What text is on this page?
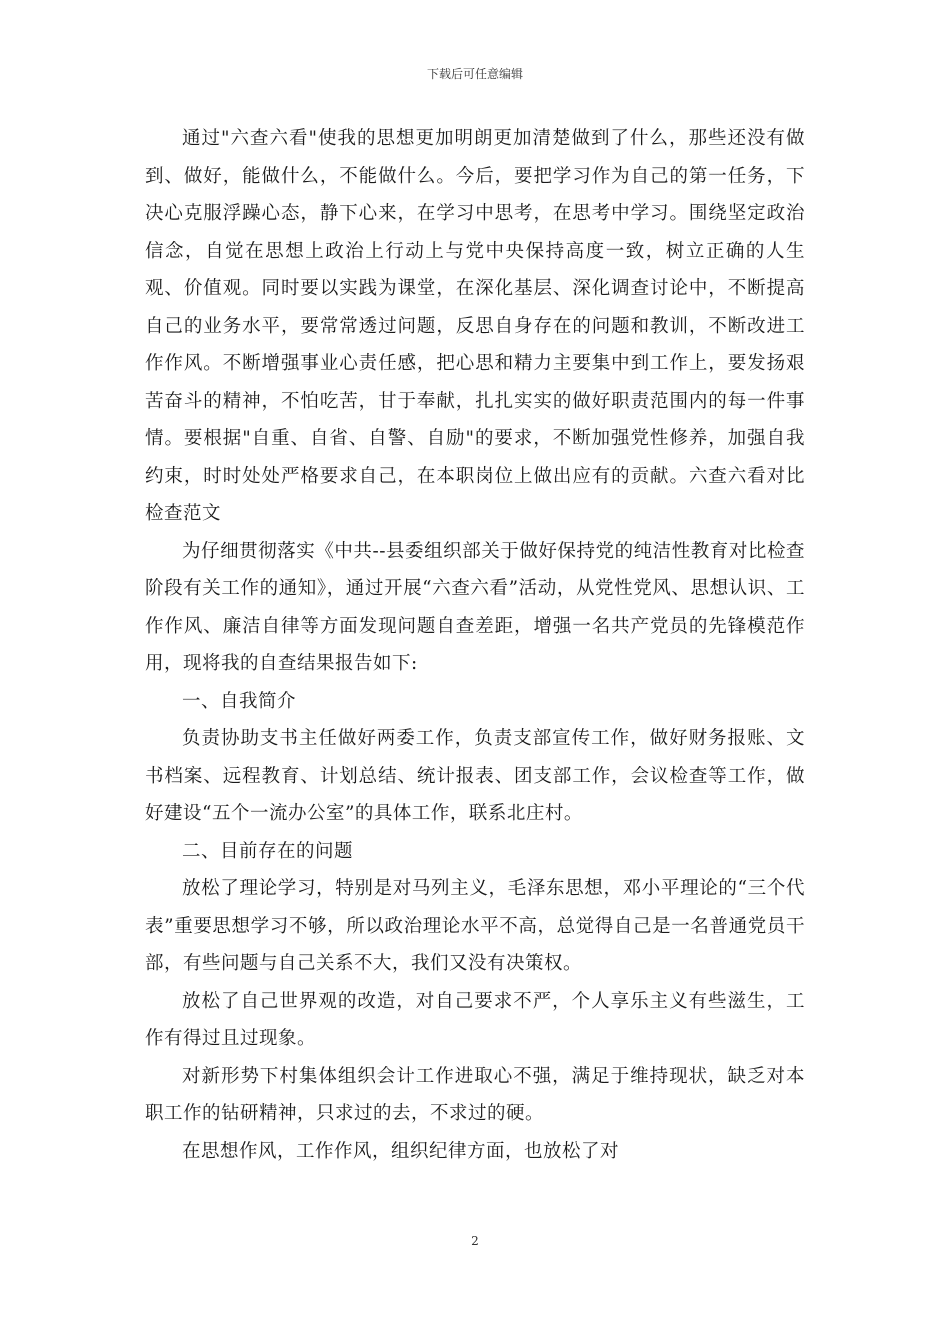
下载后可任意编辑

通过"六查六看"使我的思想更加明朗更加清楚做到了什么，那些还没有做到、做好，能做什么，不能做什么。今后，要把学习作为自己的第一任务，下决心克服浮躁心态，静下心来，在学习中思考，在思考中学习。围绕坚定政治信念，自觉在思想上政治上行动上与党中央保持高度一致，树立正确的人生观、价值观。同时要以实践为课堂，在深化基层、深化调查讨论中，不断提高自己的业务水平，要常常透过问题，反思自身存在的问题和教训，不断改进工作作风。不断增强事业心责任感，把心思和精力主要集中到工作上，要发扬艰苦奋斗的精神，不怕吃苦，甘于奉献，扎扎实实的做好职责范围内的每一件事情。要根据"自重、自省、自警、自励"的要求，不断加强党性修养，加强自我约束，时时处处严格要求自己，在本职岗位上做出应有的贡献。六查六看对比检查范文

为仔细贯彻落实《中共--县委组织部关于做好保持党的纯洁性教育对比检查阶段有关工作的通知》，通过开展“六查六看”活动，从党性党风、思想认识、工作作风、廉洁自律等方面发现问题自查差距，增强一名共产党员的先锋模范作用，现将我的自查结果报告如下:

一、自我简介

负责协助支书主任做好两委工作，负责支部宣传工作，做好财务报账、文书档案、远程教育、计划总结、统计报表、团支部工作，会议检查等工作，做好建设“五个一流办公室”的具体工作，联系北庄村。

二、目前存在的问题

放松了理论学习，特别是对马列主义，毛泽东思想，邓小平理论的“三个代表”重要思想学习不够，所以政治理论水平不高，总觉得自己是一名普通党员干部，有些问题与自己关系不大，我们又没有决策权。

放松了自己世界观的改造，对自己要求不严，个人享乐主义有些滋生，工作有得过且过现象。

对新形势下村集体组织会计工作进取心不强，满足于维持现状，缺乏对本职工作的钻研精神，只求过的去，不求过的硬。

在思想作风，工作作风，组织纪律方面，也放松了对

2
